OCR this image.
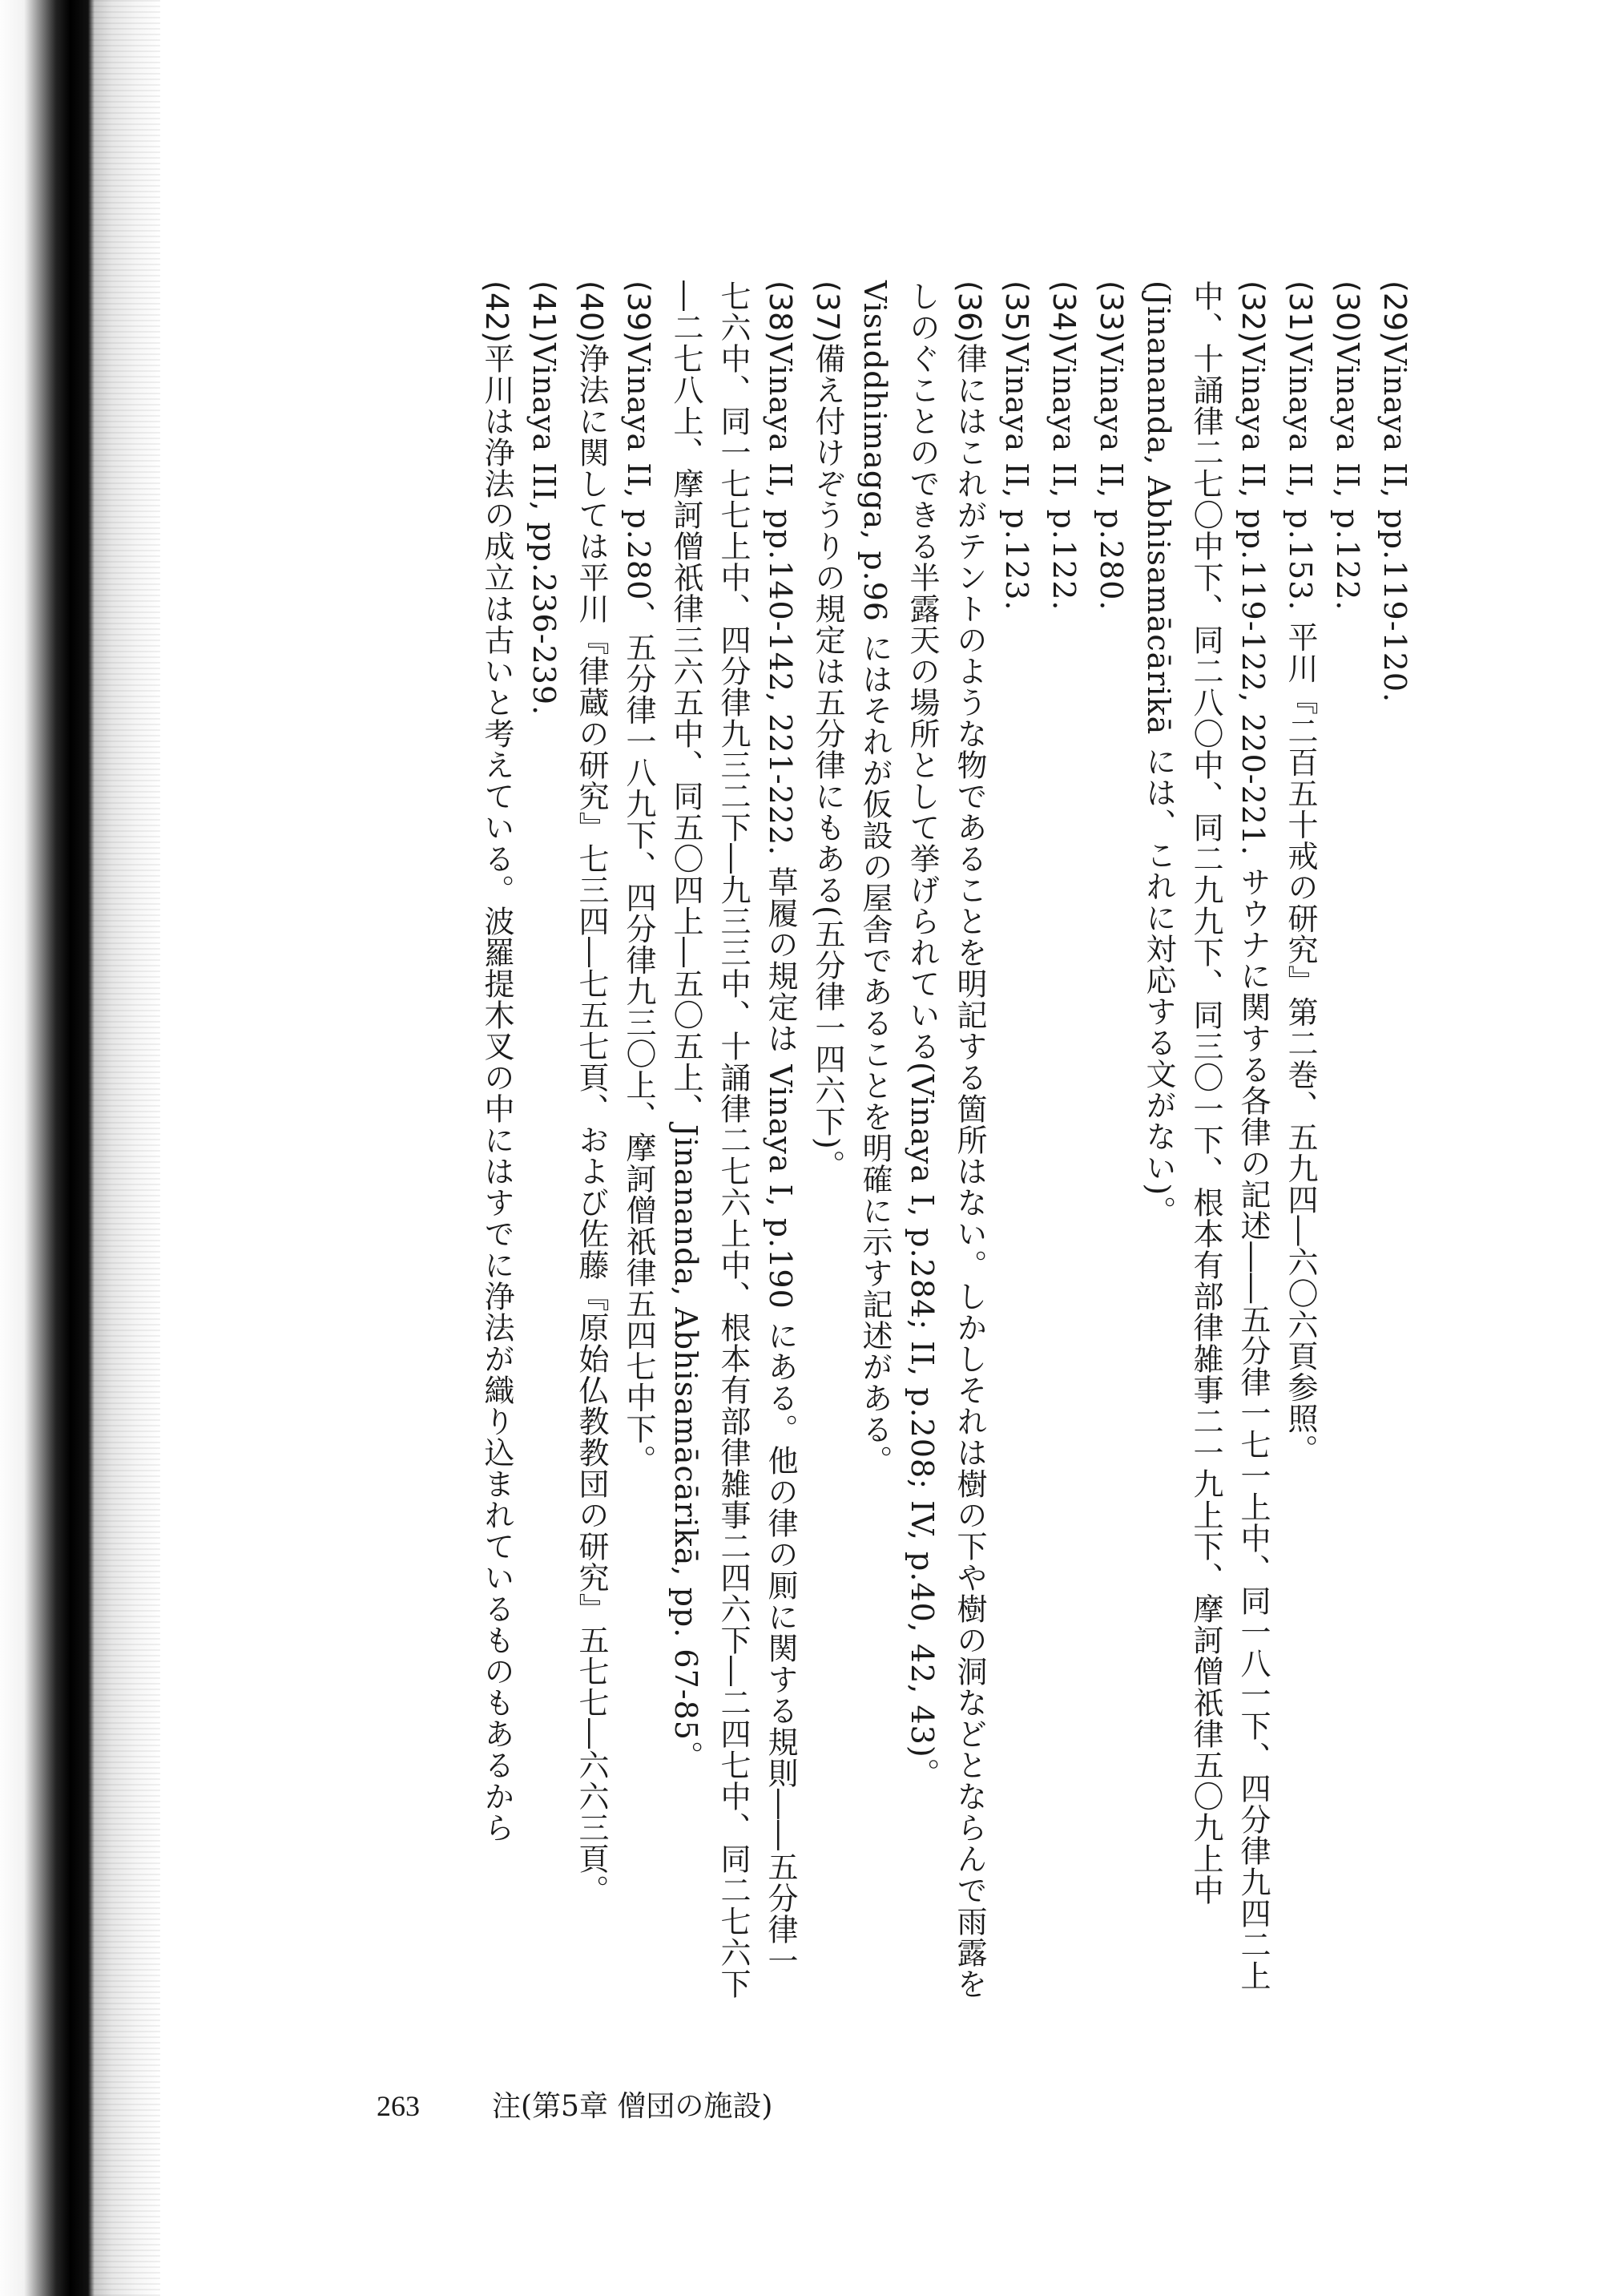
(29)Vinaya II, pp.119-120.

(30)Vinaya II, p.122.

(31)Vinaya II, p.153. 平川『二百五十戒の研究』第二巻、五九四―六〇六頁参照。

(32)Vinaya II, pp.119-122, 220-221. サウナに関する各律の記述――五分律一七一上中、同一八一下、四分律九四二上中、十誦律二七〇中下、同二八〇中、同二九九下、同三〇一下、根本有部律雑事二一九上下、摩訶僧祇律五〇九上中(Jinananda, Abhisamācārikā には、これに対応する文がない)。

(33)Vinaya II, p.280.

(34)Vinaya II, p.122.

(35)Vinaya II, p.123.

(36)律にはこれがテントのような物であることを明記する箇所はない。しかしそれは樹の下や樹の洞などとならんで雨露をしのぐことのできる半露天の場所として挙げられている(Vinaya I, p.284; II, p.208; IV, p.40, 42, 43)。Visuddhimagga, p.96 にはそれが仮設の屋舎であることを明確に示す記述がある。

(37)備え付けぞうりの規定は五分律にもある(五分律一四六下)。

(38)Vinaya II, pp.140-142, 221-222. 草履の規定は Vinaya I, p.190 にある。他の律の厠に関する規則――五分律一七六中、同一七七上中、四分律九三二下―九三三中、十誦律二七六上中、根本有部律雑事二四六下―二四七中、同二七六下―二七八上、摩訶僧祇律三六五中、同五〇四上―五〇五上、Jinananda, Abhisamācārikā, pp. 67-85。

(39)Vinaya II, p.280、五分律一八九下、四分律九三〇上、摩訶僧祇律五四七中下。

(40)浄法に関しては平川『律蔵の研究』七三四―七五七頁、および佐藤『原始仏教教団の研究』五七七―六六三頁。

(41)Vinaya III, pp.236-239.

(42)平川は浄法の成立は古いと考えている。波羅提木叉の中にはすでに浄法が織り込まれているものもあるから

263	注(第5章 僧団の施設)
